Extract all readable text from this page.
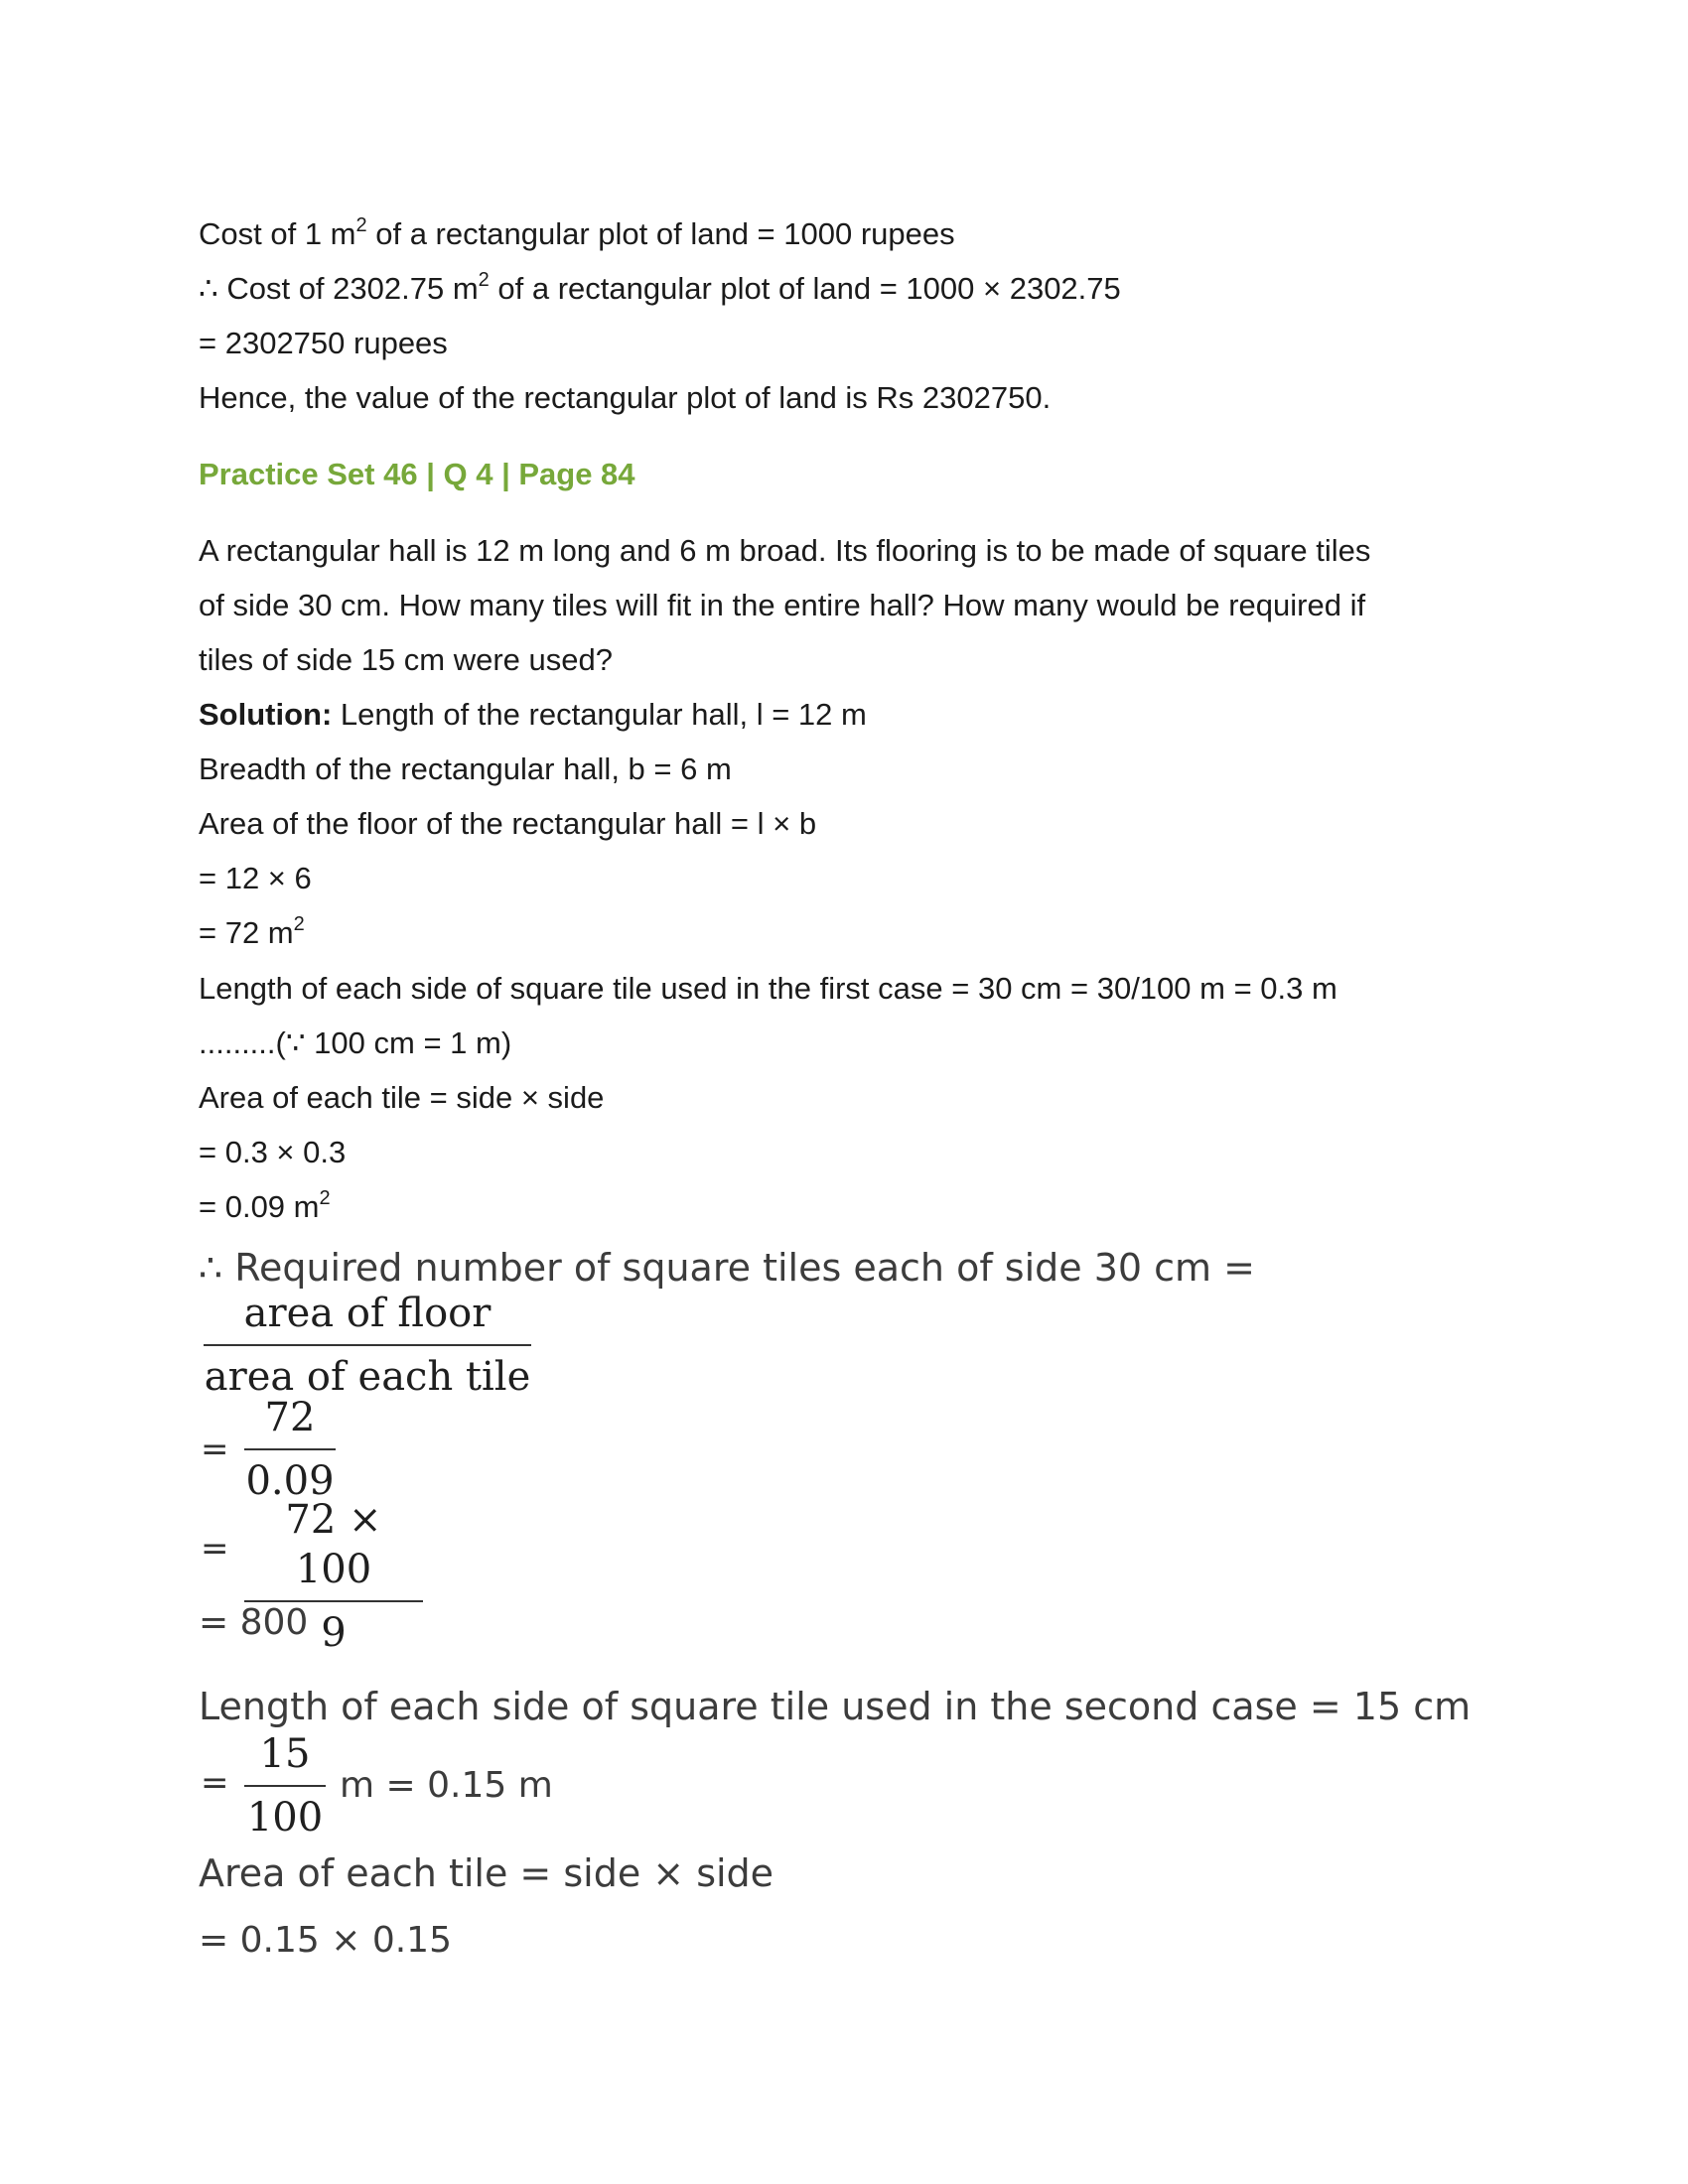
Cost of 1 $m^2$ of a rectangular plot of land = 1000 rupees
∴ Cost of 2302.75 $m^2$ of a rectangular plot of land = 1000 × 2302.75
= 2302750 rupees
Hence, the value of the rectangular plot of land is Rs 2302750.
Practice Set 46 | Q 4 | Page 84
A rectangular hall is 12 m long and 6 m broad. Its flooring is to be made of square tiles
of side 30 cm. How many tiles will fit in the entire hall? How many would be required if
tiles of side 15 cm were used?
Solution: Length of the rectangular hall, l = 12 m
Breadth of the rectangular hall, b = 6 m
Area of the floor of the rectangular hall = l × b
= 12 × 6
= 72 $m^2$
Length of each side of square tile used in the first case = 30 cm = 30/100 m = 0.3 m
.........(∵ 100 cm = 1 m)
Area of each tile = side × side
= 0.3 × 0.3
= 0.09 $m^2$
∴ Required number of square tiles each of side 30 cm =
area of floor
area of each tile
=
72
0.09
=
72 × 100
9
= 800
Length of each side of square tile used in the second case = 15 cm
=
15
100
m = 0.15 m
Area of each tile = side × side
= 0.15 × 0.15
